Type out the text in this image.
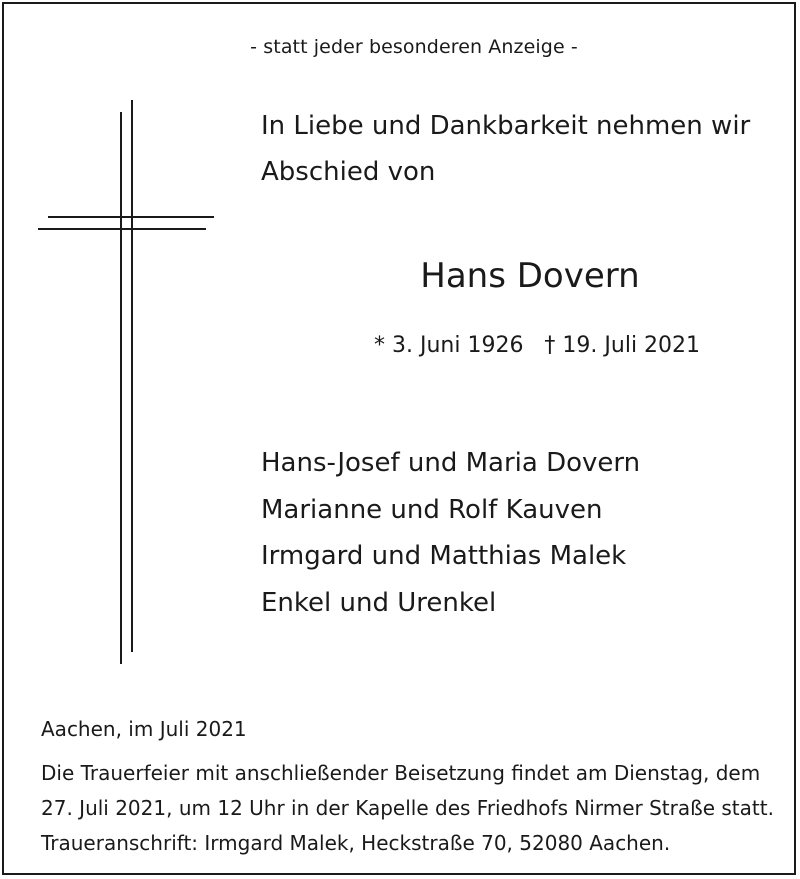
- statt jeder besonderen Anzeige -
In Liebe und Dankbarkeit nehmen wir
Abschied von
Hans Dovern
* 3. Juni 1926   † 19. Juli 2021
Hans-Josef und Maria Dovern
Marianne und Rolf Kauven
Irmgard und Matthias Malek
Enkel und Urenkel
Aachen, im Juli 2021
Die Trauerfeier mit anschließender Beisetzung findet am Dienstag, dem
27. Juli 2021, um 12 Uhr in der Kapelle des Friedhofs Nirmer Straße statt.
Traueranschrift: Irmgard Malek, Heckstraße 70, 52080 Aachen.
